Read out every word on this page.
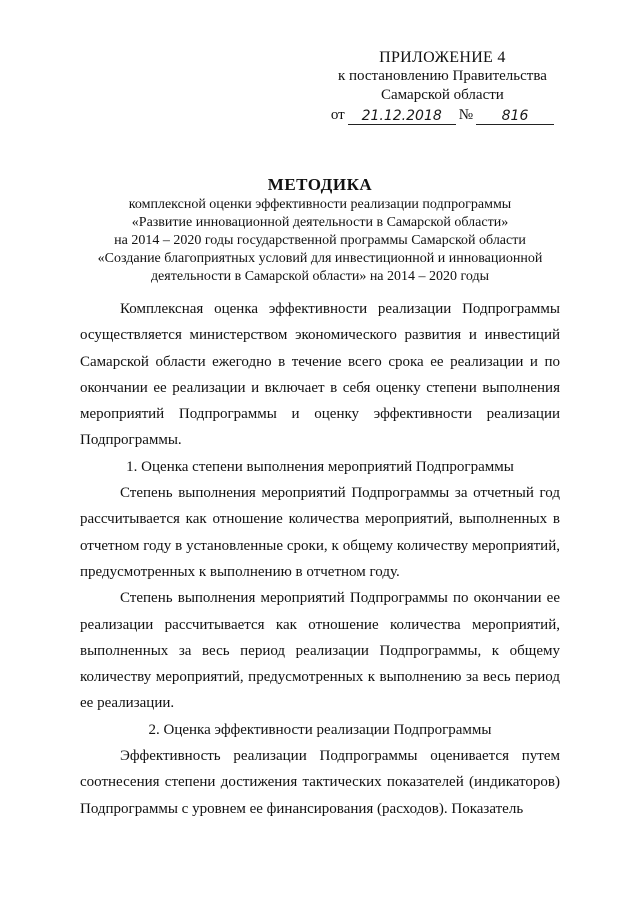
ПРИЛОЖЕНИЕ 4
к постановлению Правительства
Самарской области
от	21.12.2018	№	816
МЕТОДИКА
комплексной оценки эффективности реализации подпрограммы
«Развитие инновационной деятельности в Самарской области»
на 2014 – 2020 годы государственной программы Самарской области
«Создание благоприятных условий для инвестиционной и инновационной
деятельности в Самарской области» на 2014 – 2020 годы

Комплексная оценка эффективности реализации Подпрограммы осуществляется министерством экономического развития и инвестиций Самарской области ежегодно в течение всего срока ее реализации и по окончании ее реализации и включает в себя оценку степени выполнения мероприятий Подпрограммы и оценку эффективности реализации Подпрограммы.

1. Оценка степени выполнения мероприятий Подпрограммы

Степень выполнения мероприятий Подпрограммы за отчетный год рассчитывается как отношение количества мероприятий, выполненных в отчетном году в установленные сроки, к общему количеству мероприятий, предусмотренных к выполнению в отчетном году.

Степень выполнения мероприятий Подпрограммы по окончании ее реализации рассчитывается как отношение количества мероприятий, выполненных за весь период реализации Подпрограммы, к общему количеству мероприятий, предусмотренных к выполнению за весь период ее реализации.

2. Оценка эффективности реализации Подпрограммы

Эффективность реализации Подпрограммы оценивается путем соотнесения степени достижения тактических показателей (индикаторов) Подпрограммы с уровнем ее финансирования (расходов). Показатель
